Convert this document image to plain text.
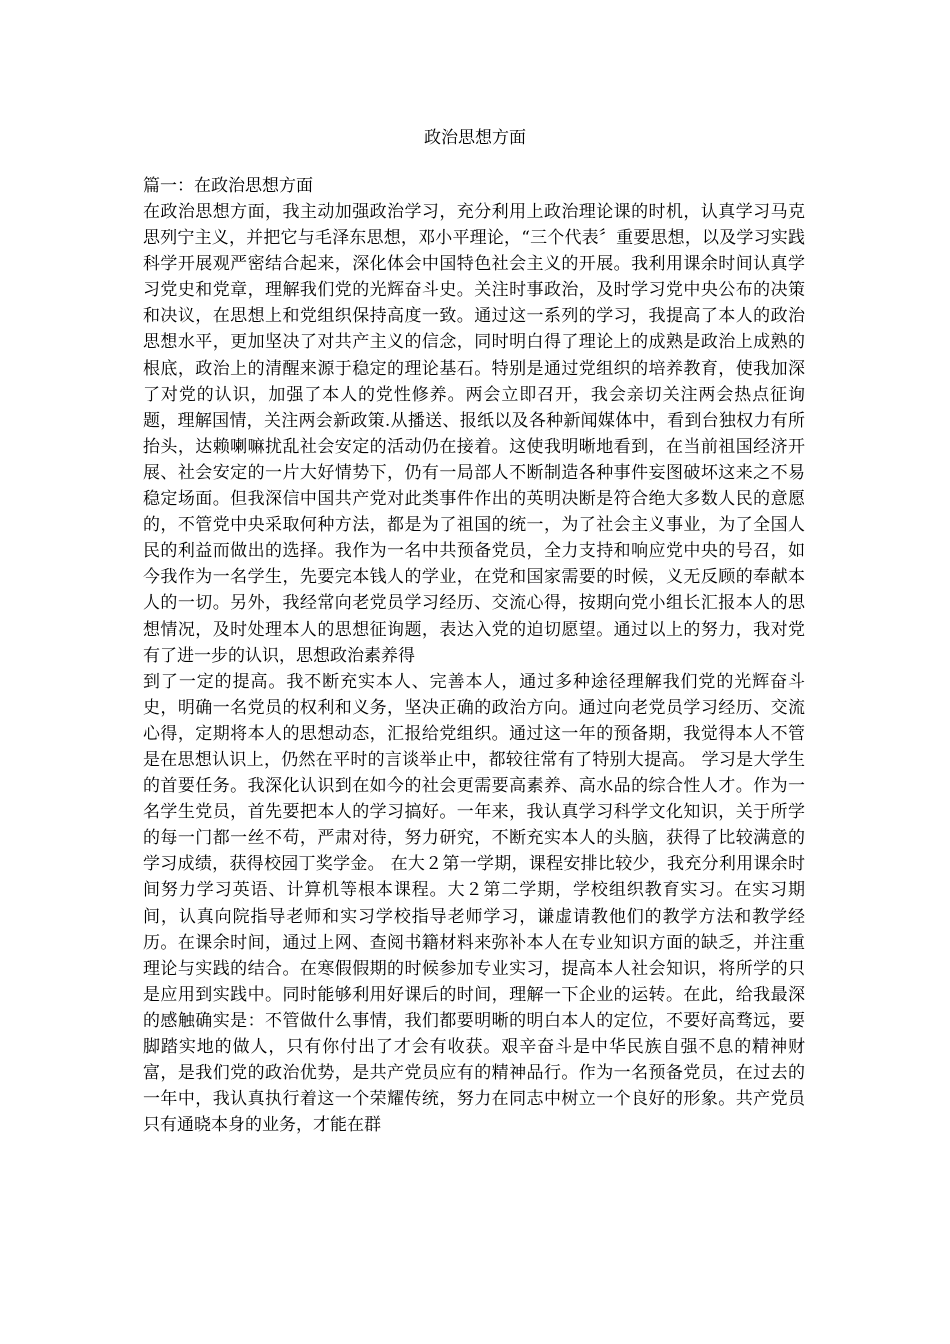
政治思想方面

篇一：在政治思想方面

在政治思想方面，我主动加强政治学习，充分利用上政治理论课的时机，认真学习马克思列宁主义，并把它与毛泽东思想，邓小平理论，“三个代表〞重要思想，以及学习实践科学开展观严密结合起来，深化体会中国特色社会主义的开展。我利用课余时间认真学习党史和党章，理解我们党的光辉奋斗史。关注时事政治，及时学习党中央公布的决策和决议，在思想上和党组织保持高度一致。通过这一系列的学习，我提高了本人的政治思想水平，更加坚决了对共产主义的信念，同时明白得了理论上的成熟是政治上成熟的根底，政治上的清醒来源于稳定的理论基石。特别是通过党组织的培养教育，使我加深了对党的认识，加强了本人的党性修养。两会立即召开，我会亲切关注两会热点征询题，理解国情，关注两会新政策.从播送、报纸以及各种新闻媒体中，看到台独权力有所抬头，达赖喇嘛扰乱社会安定的活动仍在接着。这使我明晰地看到，在当前祖国经济开展、社会安定的一片大好情势下，仍有一局部人不断制造各种事件妄图破坏这来之不易稳定场面。但我深信中国共产党对此类事件作出的英明决断是符合绝大多数人民的意愿的，不管党中央采取何种方法，都是为了祖国的统一，为了社会主义事业，为了全国人民的利益而做出的选择。我作为一名中共预备党员，全力支持和响应党中央的号召，如今我作为一名学生，先要完本钱人的学业，在党和国家需要的时候，义无反顾的奉献本人的一切。另外，我经常向老党员学习经历、交流心得，按期向党小组长汇报本人的思想情况，及时处理本人的思想征询题，表达入党的迫切愿望。通过以上的努力，我对党有了进一步的认识，思想政治素养得

到了一定的提高。我不断充实本人、完善本人，通过多种途径理解我们党的光辉奋斗史，明确一名党员的权利和义务，坚决正确的政治方向。通过向老党员学习经历、交流心得，定期将本人的思想动态，汇报给党组织。通过这一年的预备期，我觉得本人不管是在思想认识上，仍然在平时的言谈举止中，都较往常有了特别大提高。 学习是大学生的首要任务。我深化认识到在如今的社会更需要高素养、高水品的综合性人才。作为一名学生党员，首先要把本人的学习搞好。一年来，我认真学习科学文化知识，关于所学的每一门都一丝不苟，严肃对待，努力研究，不断充实本人的头脑，获得了比较满意的学习成绩，获得校园丁奖学金。 在大２第一学期，课程安排比较少，我充分利用课余时间努力学习英语、计算机等根本课程。大２第二学期，学校组织教育实习。在实习期间，认真向院指导老师和实习学校指导老师学习，谦虚请教他们的教学方法和教学经历。在课余时间，通过上网、查阅书籍材料来弥补本人在专业知识方面的缺乏，并注重理论与实践的结合。在寒假假期的时候参加专业实习，提高本人社会知识，将所学的只是应用到实践中。同时能够利用好课后的时间，理解一下企业的运转。在此，给我最深的感触确实是：不管做什么事情，我们都要明晰的明白本人的定位，不要好高骛远，要脚踏实地的做人，只有你付出了才会有收获。艰辛奋斗是中华民族自强不息的精神财富，是我们党的政治优势，是共产党员应有的精神品行。作为一名预备党员，在过去的一年中，我认真执行着这一个荣耀传统，努力在同志中树立一个良好的形象。共产党员只有通晓本身的业务，才能在群
